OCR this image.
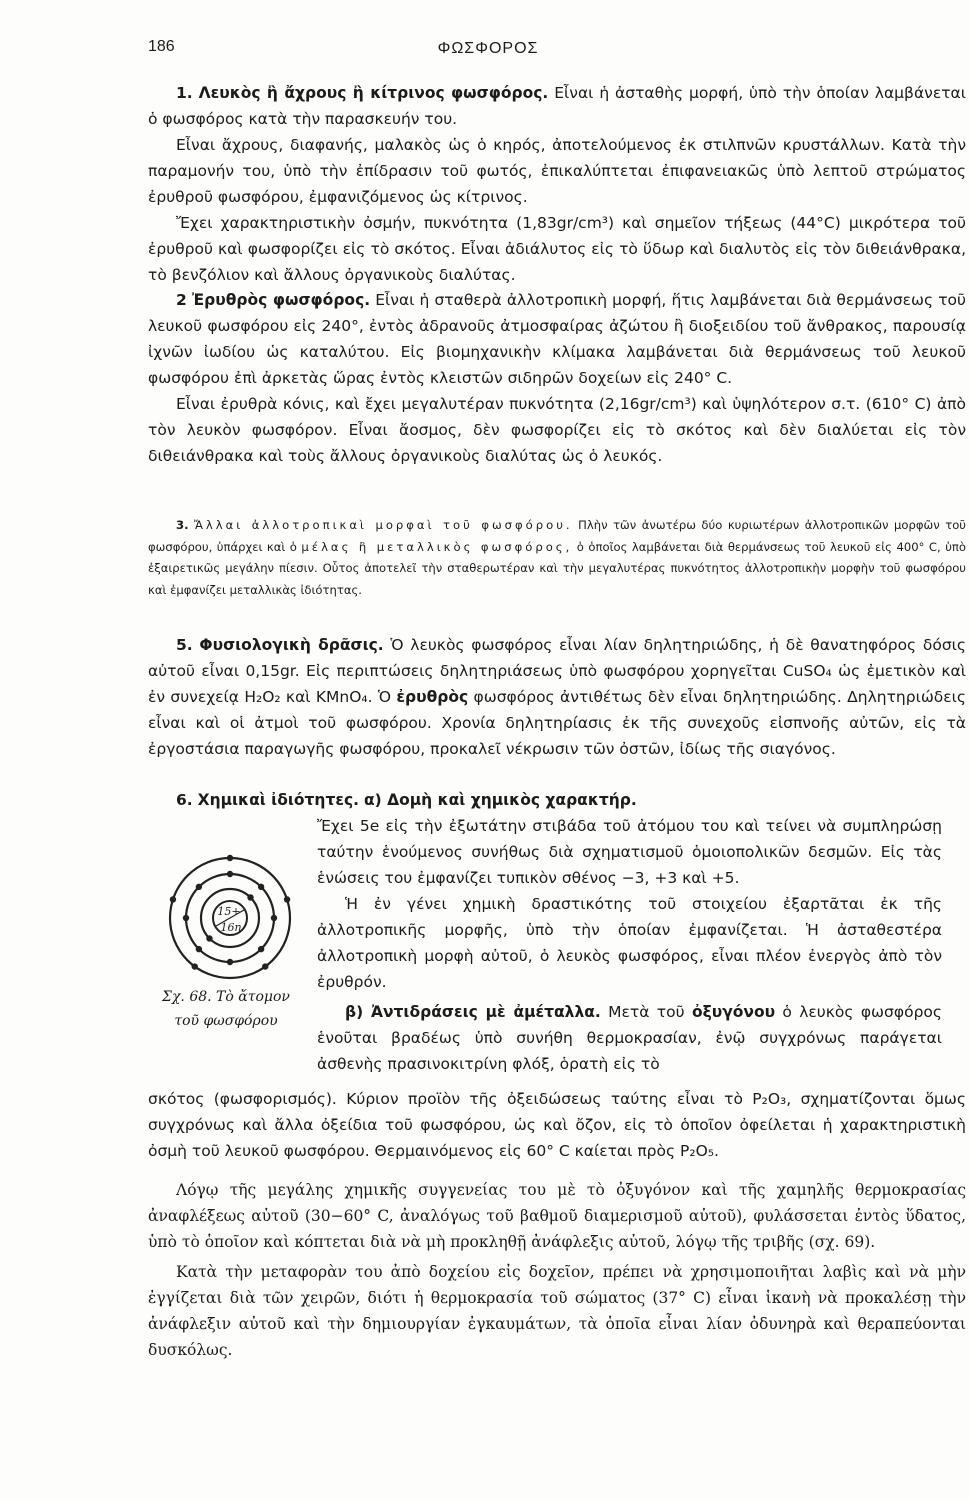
186	ΦΩΣΦΟΡΟΣ

1. Λευκὸς ἢ ἄχρους ἢ κίτρινος φωσφόρος. Εἶναι ἡ ἀσταθὴς μορφή, ὑπὸ τὴν ὁποίαν λαμβάνεται ὁ φωσφόρος κατὰ τὴν παρασκευήν του.

Εἶναι ἄχρους, διαφανής, μαλακὸς ὡς ὁ κηρός, ἀποτελούμενος ἐκ στιλπνῶν κρυστάλλων. Κατὰ τὴν παραμονήν του, ὑπὸ τὴν ἐπίδρασιν τοῦ φωτός, ἐπικαλύπτεται ἐπιφανειακῶς ὑπὸ λεπτοῦ στρώματος ἐρυθροῦ φωσφόρου, ἐμφανιζόμενος ὡς κίτρινος.

Ἔχει χαρακτηριστικὴν ὀσμήν, πυκνότητα (1,83gr/cm³) καὶ σημεῖον τήξεως (44°C) μικρότερα τοῦ ἐρυθροῦ καὶ φωσφορίζει εἰς τὸ σκότος. Εἶναι ἀδιάλυτος εἰς τὸ ὕδωρ καὶ διαλυτὸς εἰς τὸν διθειάνθρακα, τὸ βενζόλιον καὶ ἄλλους ὀργανικοὺς διαλύτας.

2 Ἐρυθρὸς φωσφόρος. Εἶναι ἡ σταθερὰ ἀλλοτροπικὴ μορφή, ἥτις λαμβάνεται διὰ θερμάνσεως τοῦ λευκοῦ φωσφόρου εἰς 240°, ἐντὸς ἀδρανοῦς ἀτμοσφαίρας ἀζώτου ἢ διοξειδίου τοῦ ἄνθρακος, παρουσίᾳ ἰχνῶν ἰωδίου ὡς καταλύτου. Εἰς βιομηχανικὴν κλίμακα λαμβάνεται διὰ θερμάνσεως τοῦ λευκοῦ φωσφόρου ἐπὶ ἀρκετὰς ὥρας ἐντὸς κλειστῶν σιδηρῶν δοχείων εἰς 240° C.

Εἶναι ἐρυθρὰ κόνις, καὶ ἔχει μεγαλυτέραν πυκνότητα (2,16gr/cm³) καὶ ὑψηλότερον σ.τ. (610° C) ἀπὸ τὸν λευκὸν φωσφόρον. Εἶναι ἄοσμος, δὲν φωσφορίζει εἰς τὸ σκότος καὶ δὲν διαλύεται εἰς τὸν διθειάνθρακα καὶ τοὺς ἄλλους ὀργανικοὺς διαλύτας ὡς ὁ λευκός.

3. Ἄλλαι ἀλλοτροπικαὶ μορφαὶ τοῦ φωσφόρου. Πλὴν τῶν ἀνωτέρω δύο κυριωτέρων ἀλλοτροπικῶν μορφῶν τοῦ φωσφόρου, ὑπάρχει καὶ ὁ μέλας ἢ μεταλλικὸς φωσφόρος, ὁ ὁποῖος λαμβάνεται διὰ θερμάνσεως τοῦ λευκοῦ εἰς 400° C, ὑπὸ ἐξαιρετικῶς μεγάλην πίεσιν. Οὗτος ἀποτελεῖ τὴν σταθερωτέραν καὶ τὴν μεγαλυτέρας πυκνότητος ἀλλοτροπικὴν μορφὴν τοῦ φωσφόρου καὶ ἐμφανίζει μεταλλικὰς ἰδιότητας.

5. Φυσιολογικὴ δρᾶσις. Ὁ λευκὸς φωσφόρος εἶναι λίαν δηλητηριώδης, ἡ δὲ θανατηφόρος δόσις αὐτοῦ εἶναι 0,15gr. Εἰς περιπτώσεις δηλητηριάσεως ὑπὸ φωσφόρου χορηγεῖται CuSO₄ ὡς ἐμετικὸν καὶ ἐν συνεχείᾳ H₂O₂ καὶ KMnO₄. Ὁ ἐρυθρὸς φωσφόρος ἀντιθέτως δὲν εἶναι δηλητηριώδης. Δηλητηριώδεις εἶναι καὶ οἱ ἀτμοὶ τοῦ φωσφόρου. Χρονία δηλητηρίασις ἐκ τῆς συνεχοῦς εἰσπνοῆς αὐτῶν, εἰς τὰ ἐργοστάσια παραγωγῆς φωσφόρου, προκαλεῖ νέκρωσιν τῶν ὀστῶν, ἰδίως τῆς σιαγόνος.

6. Χημικαὶ ἰδιότητες. α) Δομὴ καὶ χημικὸς χαρακτήρ.

Ἔχει 5e εἰς τὴν ἐξωτάτην στιβάδα τοῦ ἀτόμου του καὶ τείνει νὰ συμπληρώσῃ ταύτην ἑνούμενος συνήθως διὰ σχηματισμοῦ ὁμοιοπολικῶν δεσμῶν. Εἰς τὰς ἑνώσεις του ἐμφανίζει τυπικὸν σθένος −3, +3 καὶ +5.

Ἡ ἐν γένει χημικὴ δραστικότης τοῦ στοιχείου ἐξαρτᾶται ἐκ τῆς ἀλλοτροπικῆς μορφῆς, ὑπὸ τὴν ὁποίαν ἐμφανίζεται. Ἡ ἀσταθεστέρα ἀλλοτροπικὴ μορφὴ αὐτοῦ, ὁ λευκὸς φωσφόρος, εἶναι πλέον ἐνεργὸς ἀπὸ τὸν ἐρυθρόν.

β) Ἀντιδράσεις μὲ ἀμέταλλα. Μετὰ τοῦ ὀξυγόνου ὁ λευκὸς φωσφόρος ἑνοῦται βραδέως ὑπὸ συνήθη θερμοκρασίαν, ἐνῷ συγχρόνως παράγεται ἀσθενὴς πρασινοκιτρίνη φλόξ, ὁρατὴ εἰς τὸ

15+
16n
Σχ. 68. Τὸ ἄτομον
τοῦ φωσφόρου

σκότος (φωσφορισμός). Κύριον προϊὸν τῆς ὀξειδώσεως ταύτης εἶναι τὸ P₂O₃, σχηματίζονται ὅμως συγχρόνως καὶ ἄλλα ὀξείδια τοῦ φωσφόρου, ὡς καὶ ὄζον, εἰς τὸ ὁποῖον ὀφείλεται ἡ χαρακτηριστικὴ ὀσμὴ τοῦ λευκοῦ φωσφόρου. Θερμαινόμενος εἰς 60° C καίεται πρὸς P₂O₅.

Λόγῳ τῆς μεγάλης χημικῆς συγγενείας του μὲ τὸ ὀξυγόνον καὶ τῆς χαμηλῆς θερμοκρασίας ἀναφλέξεως αὐτοῦ (30−60° C, ἀναλόγως τοῦ βαθμοῦ διαμερισμοῦ αὐτοῦ), φυλάσσεται ἐντὸς ὕδατος, ὑπὸ τὸ ὁποῖον καὶ κόπτεται διὰ νὰ μὴ προκληθῇ ἀνάφλεξις αὐτοῦ, λόγῳ τῆς τριβῆς (σχ. 69).

Κατὰ τὴν μεταφορὰν του ἀπὸ δοχείου εἰς δοχεῖον, πρέπει νὰ χρησιμοποιῆται λαβὶς καὶ νὰ μὴν ἐγγίζεται διὰ τῶν χειρῶν, διότι ἡ θερμοκρασία τοῦ σώματος (37° C) εἶναι ἱκανὴ νὰ προκαλέσῃ τὴν ἀνάφλεξιν αὐτοῦ καὶ τὴν δημιουργίαν ἐγκαυμάτων, τὰ ὁποῖα εἶναι λίαν ὀδυνηρὰ καὶ θεραπεύονται δυσκόλως.
